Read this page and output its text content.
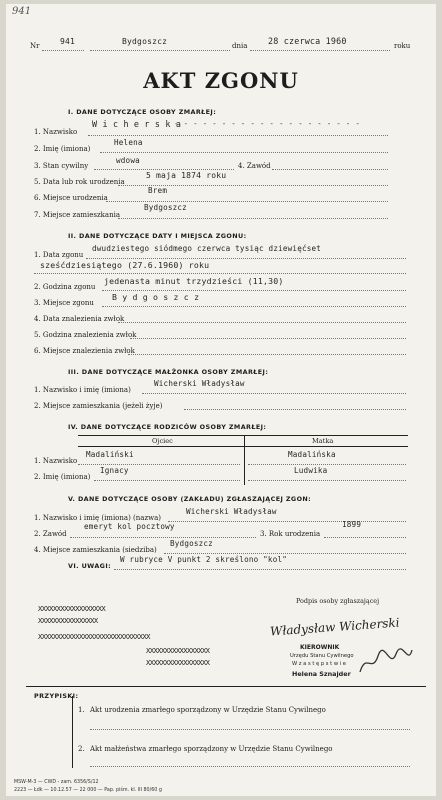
941
Nr	941	Bydgoszcz	dnia 28 czerwca 1960	roku
AKT ZGONU
I. DANE DOTYCZĄCE OSOBY ZMARŁEJ:
1. Nazwisko
W i c h e r s k a
- - - - - - - - - - - - - - - - - - - -
2. Imię (imiona)
Helena
3. Stan cywilny
wdowa
4. Zawód
5. Data lub rok urodzenia
5 maja 1874 roku
6. Miejsce urodzenia
Brem
7. Miejsce zamieszkania
Bydgoszcz
II. DANE DOTYCZĄCE DATY I MIEJSCA ZGONU:
1. Data zgonu
dwudziestego siódmego czerwca tysiąc dziewięćset
sześćdziesiątego (27.6.1960) roku
2. Godzina zgonu
jedenasta minut trzydzieści (11,30)
3. Miejsce zgonu
B y d g o s z c z
4. Data znalezienia zwłok
5. Godzina znalezienia zwłok
6. Miejsce znalezienia zwłok
III. DANE DOTYCZĄCE MAŁŻONKA OSOBY ZMARŁEJ:
1. Nazwisko i imię (imiona)
Wicherski Władysław
2. Miejsce zamieszkania (jeżeli żyje)
IV. DANE DOTYCZĄCE RODZICÓW OSOBY ZMARŁEJ:
Ojciec	Matka
1. Nazwisko
Madaliński	Madalińska
2. Imię (imiona)
Ignacy	Ludwika
V. DANE DOTYCZĄCE OSOBY (ZAKŁADU) ZGŁASZAJĄCEJ ZGON:
1. Nazwisko i imię (imiona) (nazwa)
Wicherski Władysław
2. Zawód
emeryt kol pocztowy
3. Rok urodzenia
1899
4. Miejsce zamieszkania (siedziba)
Bydgoszcz
VI. UWAGI:
W rubryce V punkt 2 skreślono "kol"
XXXXXXXXXXXXXXXXXX
XXXXXXXXXXXXXXXX
XXXXXXXXXXXXXXXXXXXXXXXXXXXXXX
XXXXXXXXXXXXXXXXX
XXXXXXXXXXXXXXXXX
Podpis osoby zgłaszającej
Władysław Wicherski
KIEROWNIK
Urzędu Stanu Cywilnego
W z a s t ę p s t w i e
Helena Sznajder
PRZYPISKI:
1. Akt urodzenia zmarłego sporządzony w Urzędzie Stanu Cywilnego
2. Akt małżeństwa zmarłego sporządzony w Urzędzie Stanu Cywilnego
MSW-M-3 — CWD - zam. 6356/S/12
2223 — Łdk — 10.12.57 — 22 000 — Pap. piśm. kl. III 80/60 g
